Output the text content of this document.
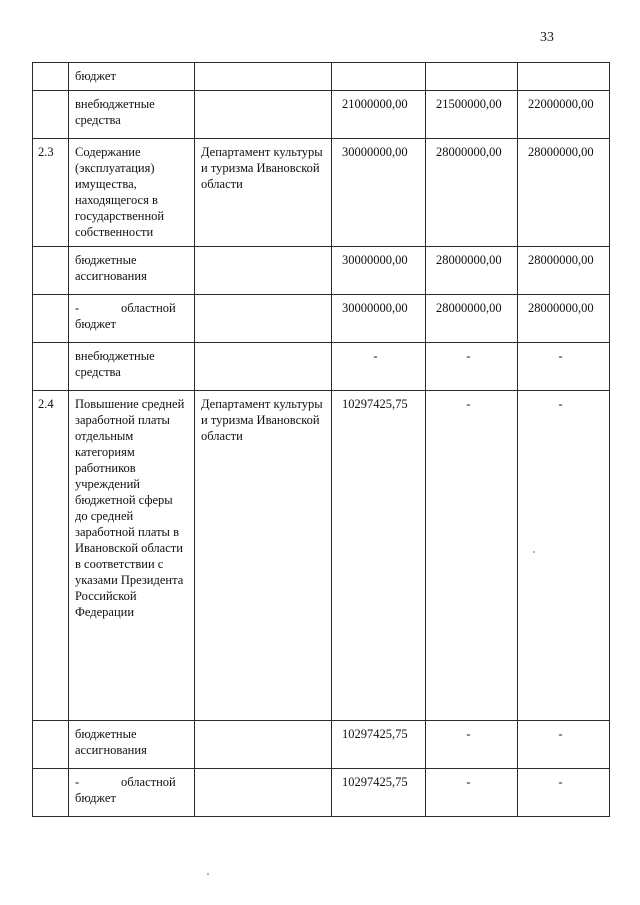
33
	бюджет				
	внебюджетные средства		21000000,00	21500000,00	22000000,00
2.3	Содержание (эксплуатация) имущества, находящегося в государственной собственности	Департамент культуры и туризма Ивановской области	30000000,00	28000000,00	28000000,00
	бюджетные ассигнования		30000000,00	28000000,00	28000000,00
	- областной бюджет		30000000,00	28000000,00	28000000,00
	внебюджетные средства		-	-	-
2.4	Повышение средней заработной платы отдельным категориям работников учреждений бюджетной сферы до средней заработной платы в Ивановской области в соответствии с указами Президента Российской Федерации	Департамент культуры и туризма Ивановской области	10297425,75	-	-
	бюджетные ассигнования		10297425,75	-	-
	- областной бюджет		10297425,75	-	-
